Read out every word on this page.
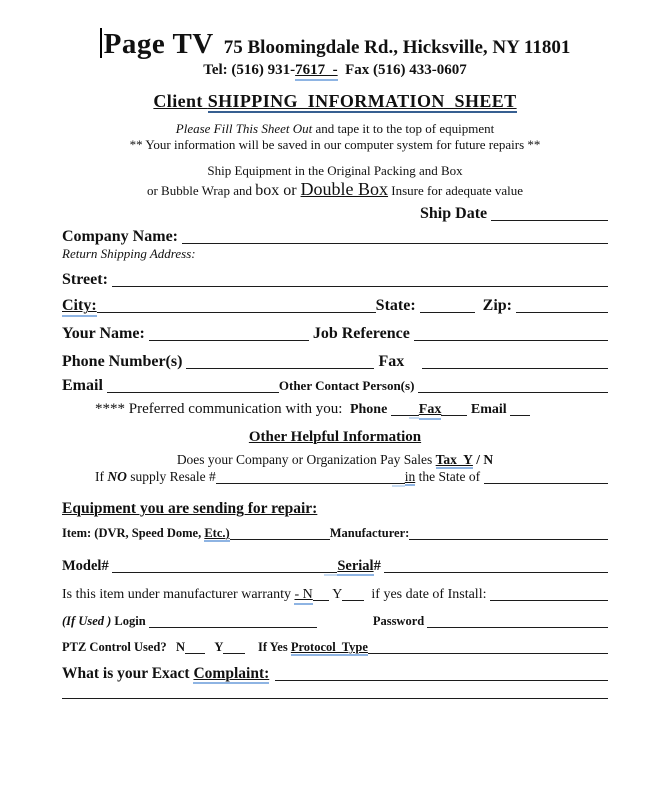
Page TV 75 Bloomingdale Rd., Hicksville, NY 11801
Tel: (516) 931-7617  -  Fax (516) 433-0607
Client SHIPPING  INFORMATION  SHEET
Please Fill This Sheet Out and tape it to the top of equipment
** Your information will be saved in our computer system for future repairs **
Ship Equipment in the Original Packing and Box
or Bubble Wrap and box or Double Box Insure for adequate value
Ship Date
Company Name:
Return Shipping Address:
Street:
City:	State:	Zip:
Your Name:	Job Reference
Phone Number(s)	Fax
Email	Other Contact Person(s)
**** Preferred communication with you: Phone Fax Email
Other Helpful Information
Does your Company or Organization Pay Sales Tax  Y / N
If NO supply Resale #	in the State of
Equipment you are sending for repair:
Item: (DVR, Speed Dome, Etc.)	Manufacturer:
Model#	Serial #
Is this item under manufacturer warranty - N Y if yes date of Install:
(If Used ) Login	Password
PTZ Control Used? N Y If Yes Protocol  Type
What is your Exact Complaint:
